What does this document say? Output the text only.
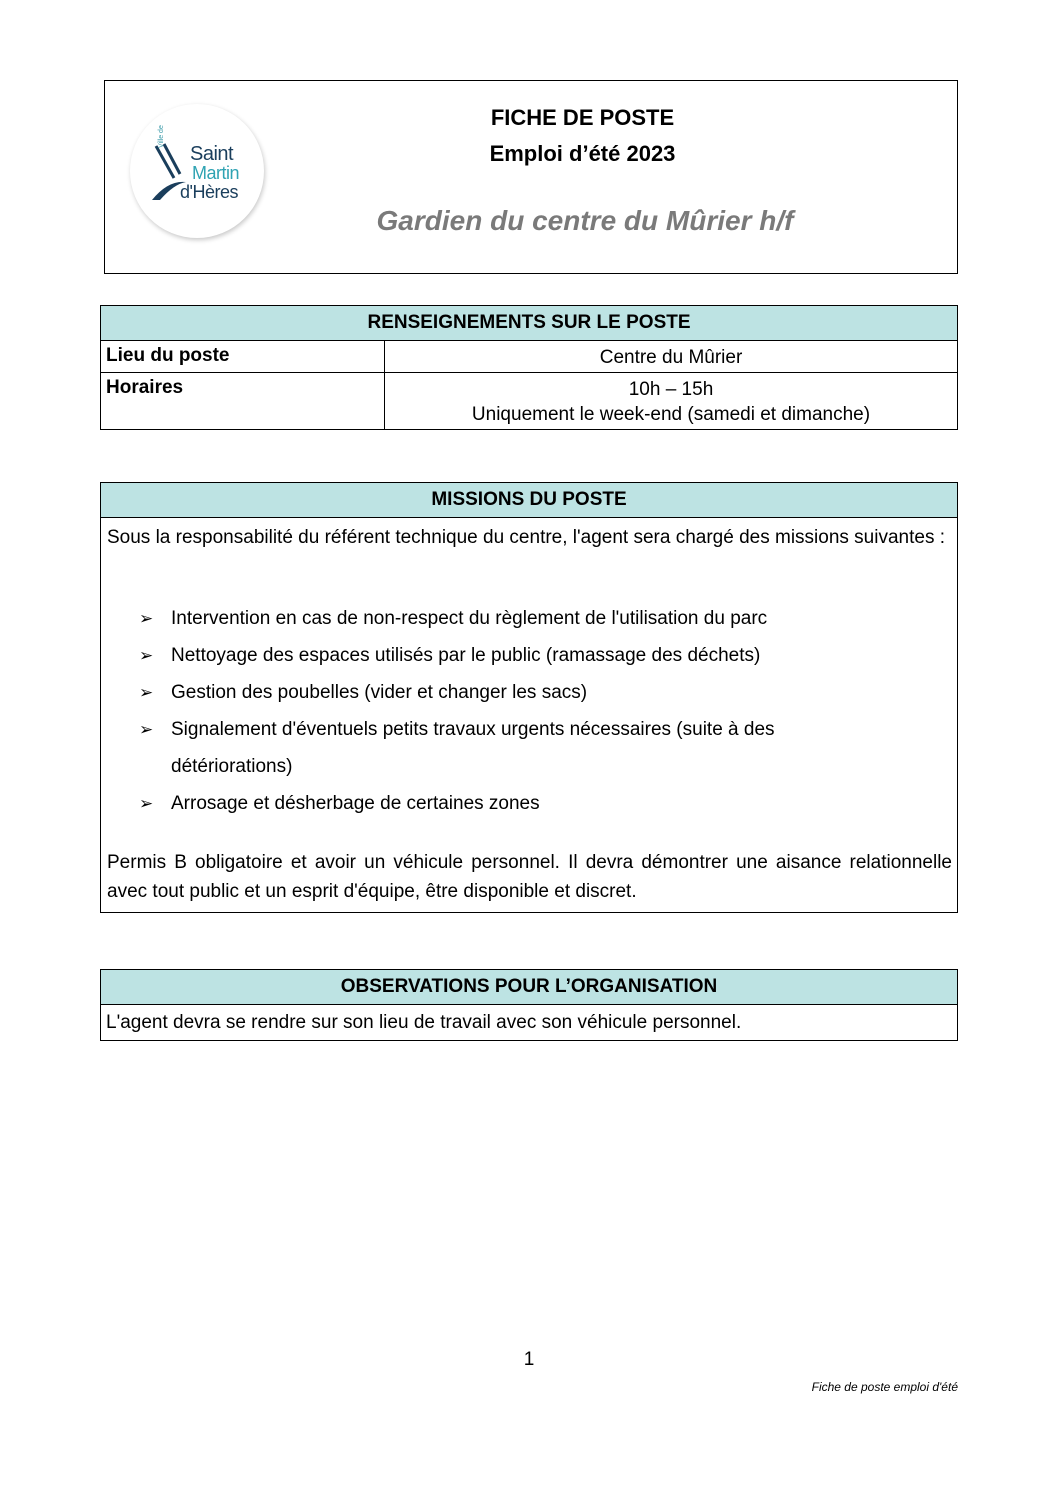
Ville de
Saint
Martin
d'Hères
FICHE DE POSTE
Emploi d’été 2023
Gardien du centre du Mûrier h/f
RENSEIGNEMENTS SUR LE POSTE
Lieu du poste	Centre du Mûrier

Horaires	10h – 15h
Uniquement le week-end (samedi et dimanche)
MISSIONS DU POSTE
Sous la responsabilité du référent technique du centre, l'agent sera chargé des missions suivantes :
➢ Intervention en cas de non-respect du règlement de l'utilisation du parc
➢ Nettoyage des espaces utilisés par le public (ramassage des déchets)
➢ Gestion des poubelles (vider et changer les sacs)
➢ Signalement d'éventuels petits travaux urgents nécessaires (suite à des détériorations)
➢ Arrosage et désherbage de certaines zones
Permis B obligatoire et avoir un véhicule personnel. Il devra démontrer une aisance relationnelle avec tout public et un esprit d'équipe, être disponible et discret.
OBSERVATIONS POUR L’ORGANISATION
L'agent devra se rendre sur son lieu de travail avec son véhicule personnel.
1
Fiche de poste emploi d'été
